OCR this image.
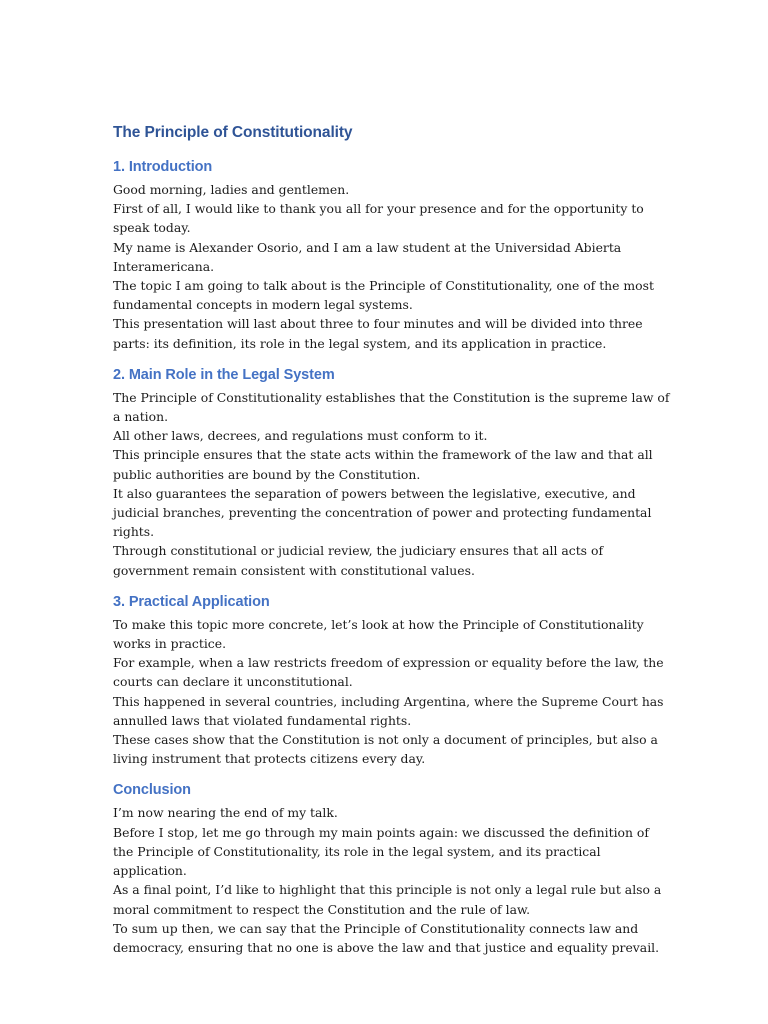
The Principle of Constitutionality
1. Introduction

Good morning, ladies and gentlemen.

First of all, I would like to thank you all for your presence and for the opportunity to speak today.

My name is Alexander Osorio, and I am a law student at the Universidad Abierta Interamericana.

The topic I am going to talk about is the Principle of Constitutionality, one of the most fundamental concepts in modern legal systems.

This presentation will last about three to four minutes and will be divided into three parts: its definition, its role in the legal system, and its application in practice.

2. Main Role in the Legal System

The Principle of Constitutionality establishes that the Constitution is the supreme law of a nation.

All other laws, decrees, and regulations must conform to it.

This principle ensures that the state acts within the framework of the law and that all public authorities are bound by the Constitution.

It also guarantees the separation of powers between the legislative, executive, and judicial branches, preventing the concentration of power and protecting fundamental rights.

Through constitutional or judicial review, the judiciary ensures that all acts of government remain consistent with constitutional values.

3. Practical Application

To make this topic more concrete, let’s look at how the Principle of Constitutionality works in practice.

For example, when a law restricts freedom of expression or equality before the law, the courts can declare it unconstitutional.

This happened in several countries, including Argentina, where the Supreme Court has annulled laws that violated fundamental rights.

These cases show that the Constitution is not only a document of principles, but also a living instrument that protects citizens every day.

Conclusion

I’m now nearing the end of my talk.

Before I stop, let me go through my main points again: we discussed the definition of the Principle of Constitutionality, its role in the legal system, and its practical application.

As a final point, I’d like to highlight that this principle is not only a legal rule but also a moral commitment to respect the Constitution and the rule of law.

To sum up then, we can say that the Principle of Constitutionality connects law and democracy, ensuring that no one is above the law and that justice and equality prevail.
